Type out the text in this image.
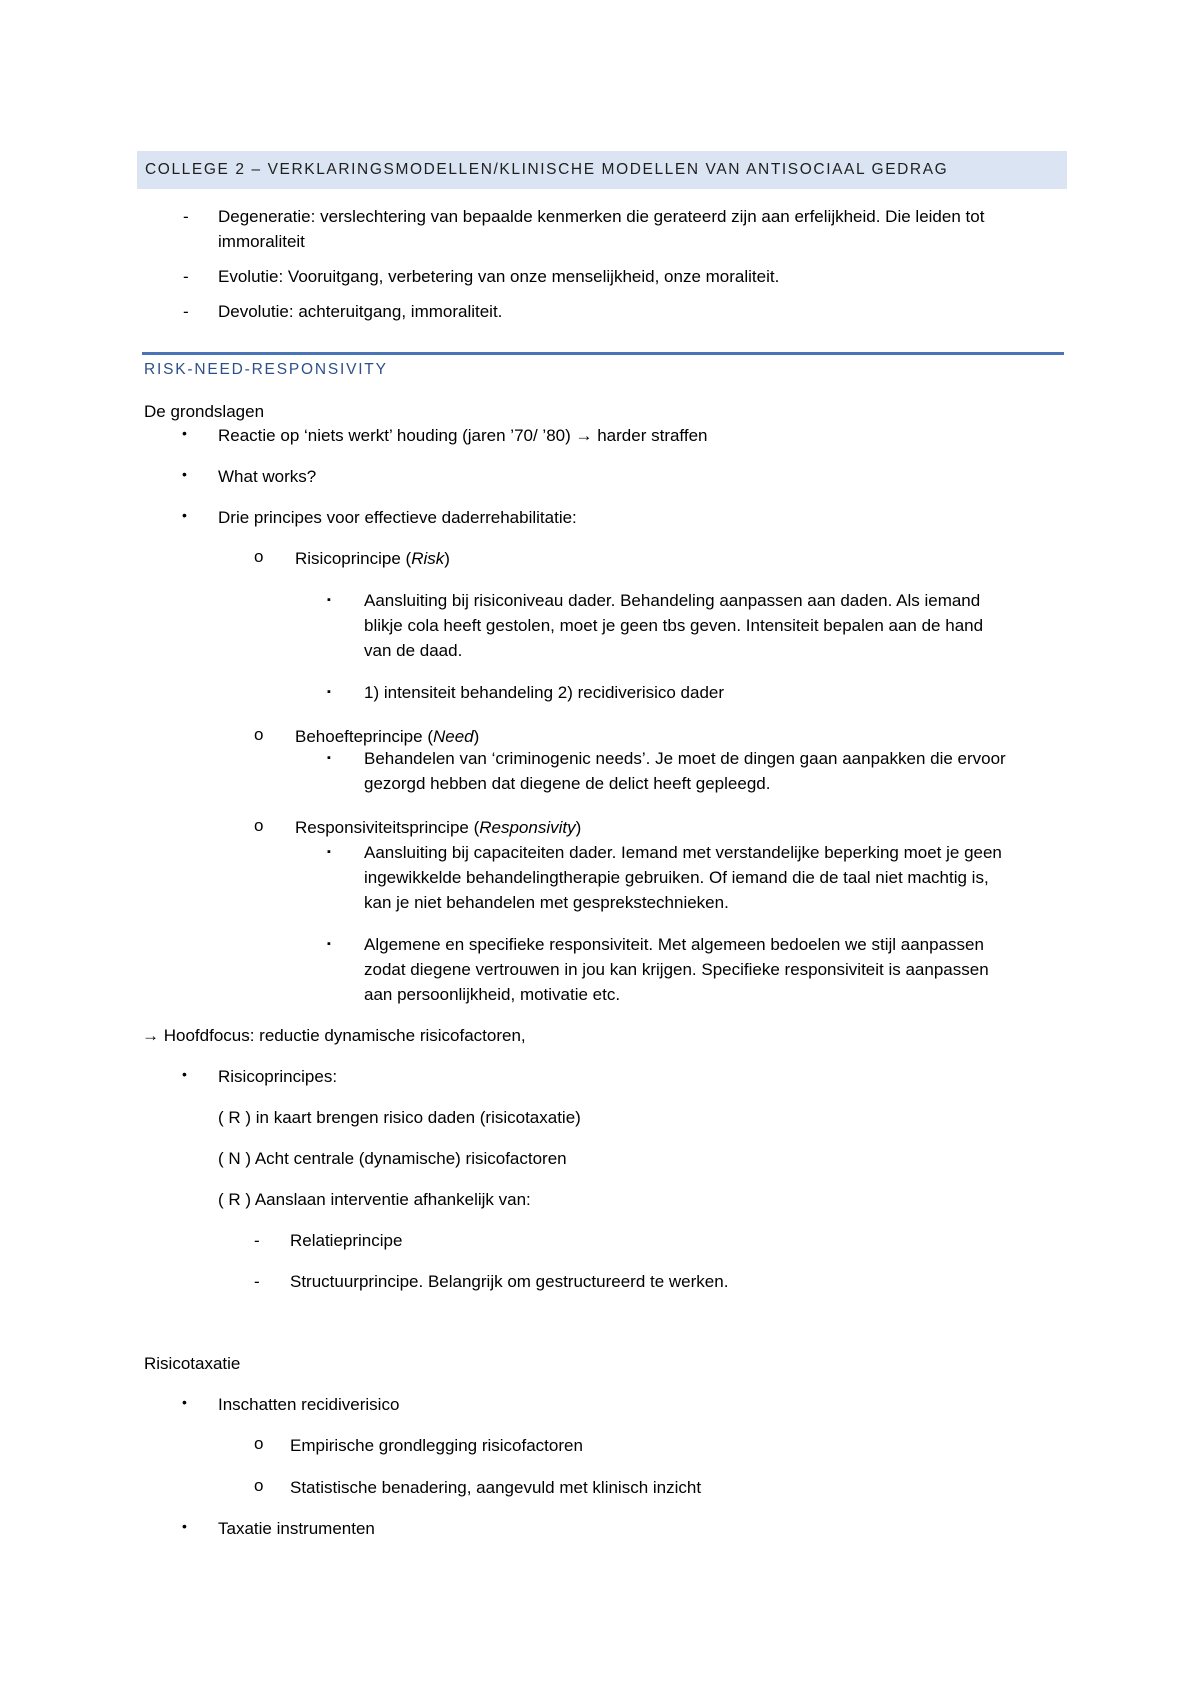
COLLEGE 2 – VERKLARINGSMODELLEN/KLINISCHE MODELLEN VAN ANTISOCIAAL GEDRAG
- Degeneratie: verslechtering van bepaalde kenmerken die gerateerd zijn aan erfelijkheid. Die leiden tot
immoraliteit
- Evolutie: Vooruitgang, verbetering van onze menselijkheid, onze moraliteit.
- Devolutie: achteruitgang, immoraliteit.
RISK-NEED-RESPONSIVITY
De grondslagen
• Reactie op ‘niets werkt’ houding (jaren ’70/ ’80) → harder straffen
• What works?
• Drie principes voor effectieve daderrehabilitatie:
o Risicoprincipe (Risk)
▪ Aansluiting bij risiconiveau dader. Behandeling aanpassen aan daden. Als iemand
blikje cola heeft gestolen, moet je geen tbs geven. Intensiteit bepalen aan de hand
van de daad.
▪ 1) intensiteit behandeling 2) recidiverisico dader
o Behoefteprincipe (Need)
▪ Behandelen van ‘criminogenic needs’. Je moet de dingen gaan aanpakken die ervoor
gezorgd hebben dat diegene de delict heeft gepleegd.
o Responsiviteitsprincipe (Responsivity)
▪ Aansluiting bij capaciteiten dader. Iemand met verstandelijke beperking moet je geen
ingewikkelde behandelingtherapie gebruiken. Of iemand die de taal niet machtig is,
kan je niet behandelen met gesprekstechnieken.
▪ Algemene en specifieke responsiviteit. Met algemeen bedoelen we stijl aanpassen
zodat diegene vertrouwen in jou kan krijgen. Specifieke responsiviteit is aanpassen
aan persoonlijkheid, motivatie etc.
→ Hoofdfocus: reductie dynamische risicofactoren,
• Risicoprincipes:
( R ) in kaart brengen risico daden (risicotaxatie)
( N ) Acht centrale (dynamische) risicofactoren
( R ) Aanslaan interventie afhankelijk van:
- Relatieprincipe
- Structuurprincipe. Belangrijk om gestructureerd te werken.
Risicotaxatie
• Inschatten recidiverisico
o Empirische grondlegging risicofactoren
o Statistische benadering, aangevuld met klinisch inzicht
• Taxatie instrumenten
